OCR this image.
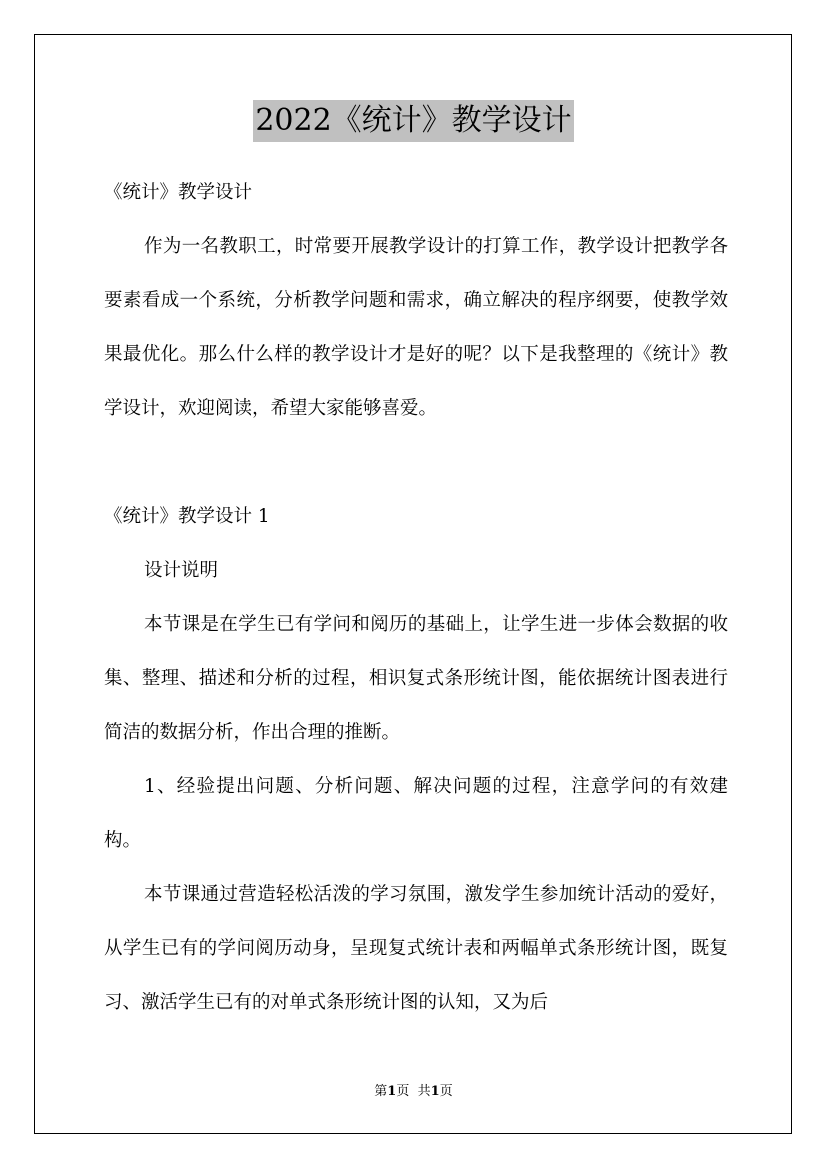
2022《统计》教学设计

《统计》教学设计

作为一名教职工，时常要开展教学设计的打算工作，教学设计把教学各要素看成一个系统，分析教学问题和需求，确立解决的程序纲要，使教学效果最优化。那么什么样的教学设计才是好的呢？以下是我整理的《统计》教学设计，欢迎阅读，希望大家能够喜爱。

《统计》教学设计 1

设计说明

本节课是在学生已有学问和阅历的基础上，让学生进一步体会数据的收集、整理、描述和分析的过程，相识复式条形统计图，能依据统计图表进行简洁的数据分析，作出合理的推断。

1、经验提出问题、分析问题、解决问题的过程，注意学问的有效建构。

本节课通过营造轻松活泼的学习氛围，激发学生参加统计活动的爱好，从学生已有的学问阅历动身，呈现复式统计表和两幅单式条形统计图，既复习、激活学生已有的对单式条形统计图的认知，又为后

第1页 共1页
